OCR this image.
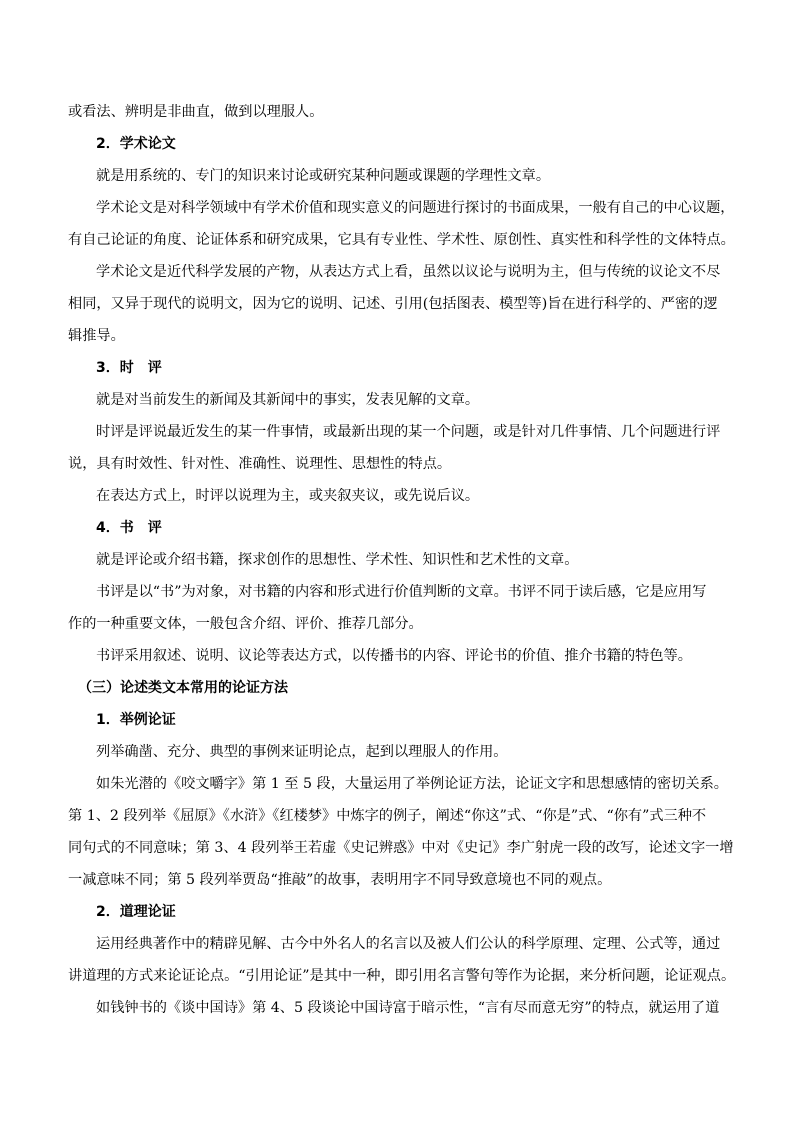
或看法、辨明是非曲直，做到以理服人。
2．学术论文
就是用系统的、专门的知识来讨论或研究某种问题或课题的学理性文章。
学术论文是对科学领域中有学术价值和现实意义的问题进行探讨的书面成果，一般有自己的中心议题，
有自己论证的角度、论证体系和研究成果，它具有专业性、学术性、原创性、真实性和科学性的文体特点。
学术论文是近代科学发展的产物，从表达方式上看，虽然以议论与说明为主，但与传统的议论文不尽
相同，又异于现代的说明文，因为它的说明、记述、引用(包括图表、模型等)旨在进行科学的、严密的逻
辑推导。
3．时　评
就是对当前发生的新闻及其新闻中的事实，发表见解的文章。
时评是评说最近发生的某一件事情，或最新出现的某一个问题，或是针对几件事情、几个问题进行评
说，具有时效性、针对性、准确性、说理性、思想性的特点。
在表达方式上，时评以说理为主，或夹叙夹议，或先说后议。
4．书　评
就是评论或介绍书籍，探求创作的思想性、学术性、知识性和艺术性的文章。
书评是以“书”为对象，对书籍的内容和形式进行价值判断的文章。书评不同于读后感，它是应用写
作的一种重要文体，一般包含介绍、评价、推荐几部分。
书评采用叙述、说明、议论等表达方式，以传播书的内容、评论书的价值、推介书籍的特色等。
（三）论述类文本常用的论证方法
1．举例论证
列举确凿、充分、典型的事例来证明论点，起到以理服人的作用。
如朱光潜的《咬文嚼字》第 1 至 5 段，大量运用了举例论证方法，论证文字和思想感情的密切关系。
第 1、2 段列举《屈原》《水浒》《红楼梦》中炼字的例子，阐述“你这”式、“你是”式、“你有”式三种不
同句式的不同意味；第 3、4 段列举王若虚《史记辨惑》中对《史记》李广射虎一段的改写，论述文字一增
一减意味不同；第 5 段列举贾岛“推敲”的故事，表明用字不同导致意境也不同的观点。
2．道理论证
运用经典著作中的精辟见解、古今中外名人的名言以及被人们公认的科学原理、定理、公式等，通过
讲道理的方式来论证论点。“引用论证”是其中一种，即引用名言警句等作为论据，来分析问题，论证观点。
如钱钟书的《谈中国诗》第 4、5 段谈论中国诗富于暗示性，“言有尽而意无穷”的特点，就运用了道
